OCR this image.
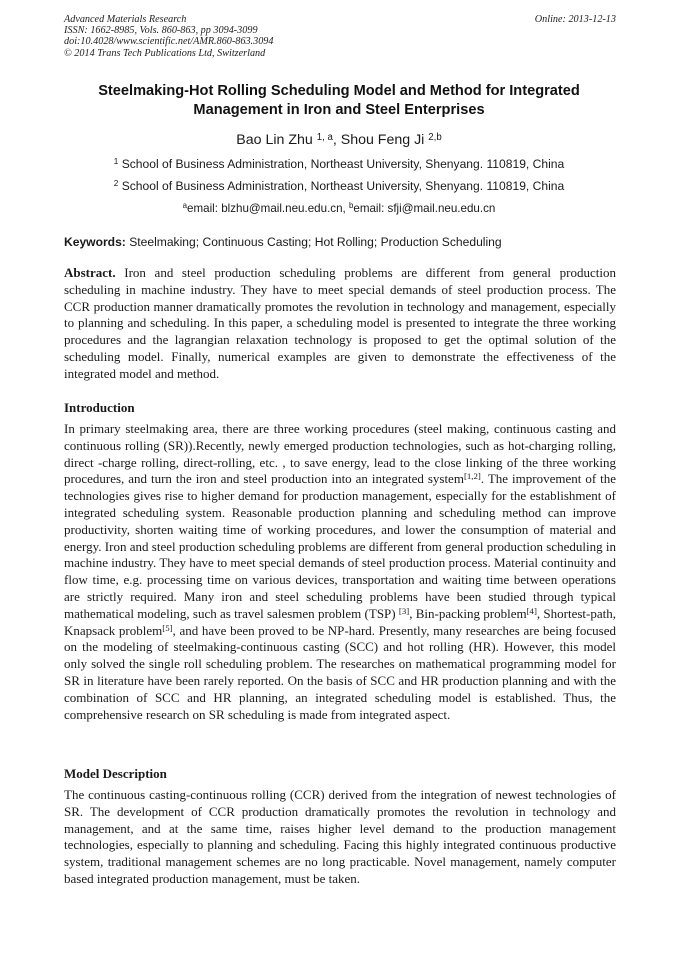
Advanced Materials Research
ISSN: 1662-8985, Vols. 860-863, pp 3094-3099
doi:10.4028/www.scientific.net/AMR.860-863.3094
© 2014 Trans Tech Publications Ltd, Switzerland
Online: 2013-12-13
Steelmaking-Hot Rolling Scheduling Model and Method for Integrated
Management in Iron and Steel Enterprises
Bao Lin Zhu $^{1, a}$, Shou Feng Ji $^{2,b}$
$^1$ School of Business Administration, Northeast University, Shenyang. 110819, China
$^2$ School of Business Administration, Northeast University, Shenyang. 110819, China
$^a$email: blzhu@mail.neu.edu.cn, $^b$email: sfji@mail.neu.edu.cn
Keywords: Steelmaking; Continuous Casting; Hot Rolling; Production Scheduling
Abstract. Iron and steel production scheduling problems are different from general production scheduling in machine industry. They have to meet special demands of steel production process. The CCR production manner dramatically promotes the revolution in technology and management, especially to planning and scheduling. In this paper, a scheduling model is presented to integrate the three working procedures and the lagrangian relaxation technology is proposed to get the optimal solution of the scheduling model. Finally, numerical examples are given to demonstrate the effectiveness of the integrated model and method.
Introduction
In primary steelmaking area, there are three working procedures (steel making, continuous casting and continuous rolling (SR)).Recently, newly emerged production technologies, such as hot-charging rolling, direct -charge rolling, direct-rolling, etc. , to save energy, lead to the close linking of the three working procedures, and turn the iron and steel production into an integrated system[1,2]. The improvement of the technologies gives rise to higher demand for production management, especially for the establishment of integrated scheduling system. Reasonable production planning and scheduling method can improve productivity, shorten waiting time of working procedures, and lower the consumption of material and energy. Iron and steel production scheduling problems are different from general production scheduling in machine industry. They have to meet special demands of steel production process. Material continuity and flow time, e.g. processing time on various devices, transportation and waiting time between operations are strictly required. Many iron and steel scheduling problems have been studied through typical mathematical modeling, such as travel salesmen problem (TSP) [3], Bin-packing problem[4], Shortest-path, Knapsack problem[5], and have been proved to be NP-hard. Presently, many researches are being focused on the modeling of steelmaking-continuous casting (SCC) and hot rolling (HR). However, this model only solved the single roll scheduling problem. The researches on mathematical programming model for SR in literature have been rarely reported. On the basis of SCC and HR production planning and with the combination of SCC and HR planning, an integrated scheduling model is established. Thus, the comprehensive research on SR scheduling is made from integrated aspect.
Model Description
The continuous casting-continuous rolling (CCR) derived from the integration of newest technologies of SR. The development of CCR production dramatically promotes the revolution in technology and management, and at the same time, raises higher level demand to the production management technologies, especially to planning and scheduling. Facing this highly integrated continuous productive system, traditional management schemes are no long practicable. Novel management, namely computer based integrated production management, must be taken.
